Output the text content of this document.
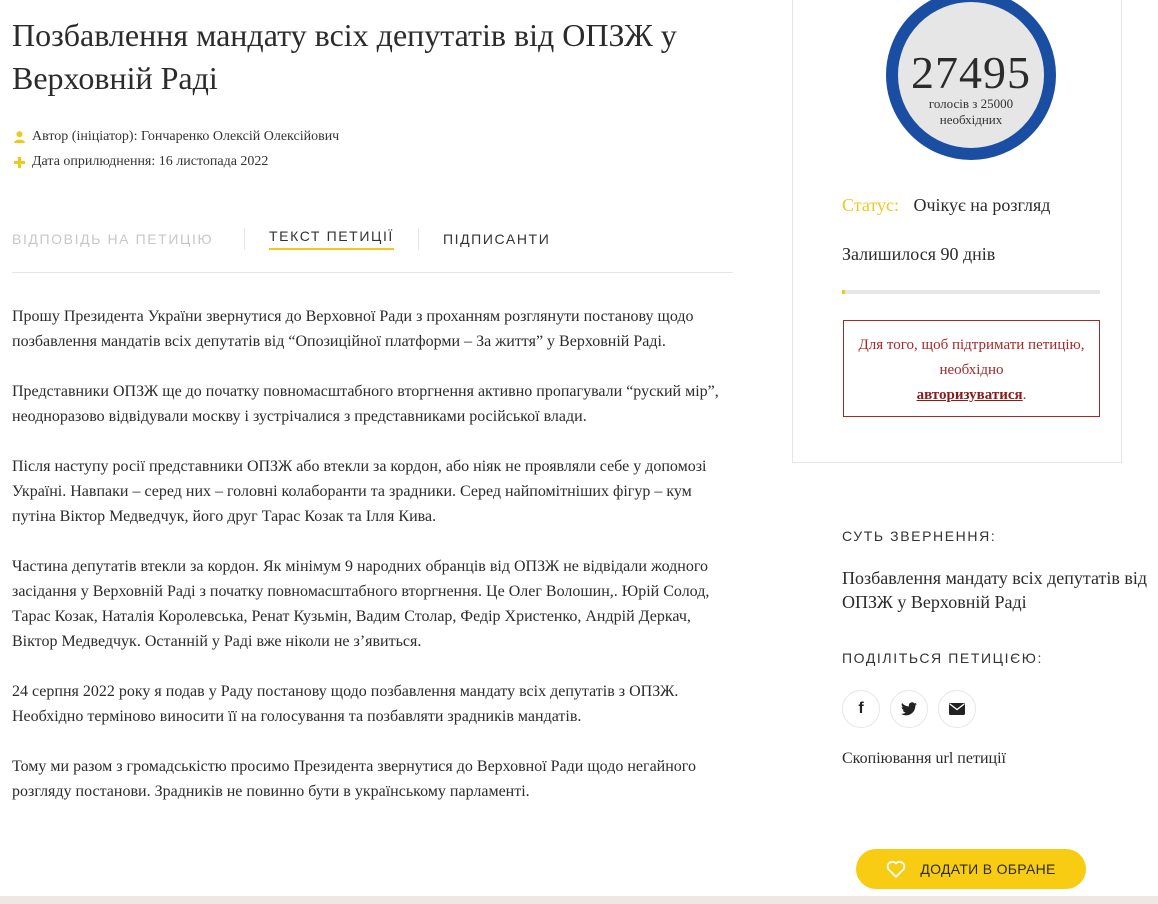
Позбавлення мандату всіх депутатів від ОПЗЖ у Верховній Раді
Автор (ініціатор): Гончаренко Олексій Олексійович
Дата оприлюднення: 16 листопада 2022
ВІДПОВІДЬ НА ПЕТИЦІЮ	ТЕКСТ ПЕТИЦІЇ	ПІДПИСАНТИ

Прошу Президента України звернутися до Верховної Ради з проханням розглянути постанову щодо позбавлення мандатів всіх депутатів від “Опозиційної платформи – За життя” у Верховній Раді.

Представники ОПЗЖ ще до початку повномасштабного вторгнення активно пропагували “руский мір”, неодноразово відвідували москву і зустрічалися з представниками російської влади.

Після наступу росії представники ОПЗЖ або втекли за кордон, або ніяк не проявляли себе у допомозі Україні. Навпаки – серед них – головні колаборанти та зрадники. Серед найпомітніших фігур – кум путіна Віктор Медведчук, його друг Тарас Козак та Ілля Кива.

Частина депутатів втекли за кордон. Як мінімум 9 народних обранців від ОПЗЖ не відвідали жодного засідання у Верховній Раді з початку повномасштабного вторгнення. Це Олег Волошин,. Юрій Солод, Тарас Козак, Наталія Королевська, Ренат Кузьмін, Вадим Столар, Федір Христенко, Андрій Деркач, Віктор Медведчук. Останній у Раді вже ніколи не з’явиться.

24 серпня 2022 року я подав у Раду постанову щодо позбавлення мандату всіх депутатів з ОПЗЖ. Необхідно терміново виносити її на голосування та позбавляти зрадників мандатів.

Тому ми разом з громадськістю просимо Президента звернутися до Верховної Ради щодо негайного розгляду постанови. Зрадників не повинно бути в українському парламенті.

27495
голосів з 25000 необхідних
Статус: Очікує на розгляд
Залишилося 90 днів
Для того, щоб підтримати петицію, необхідно
авторизуватися.
СУТЬ ЗВЕРНЕННЯ:
Позбавлення мандату всіх депутатів від ОПЗЖ у Верховній Раді
ПОДІЛІТЬСЯ ПЕТИЦІЄЮ:
f
Скопіювання url петиції
ДОДАТИ В ОБРАНЕ
